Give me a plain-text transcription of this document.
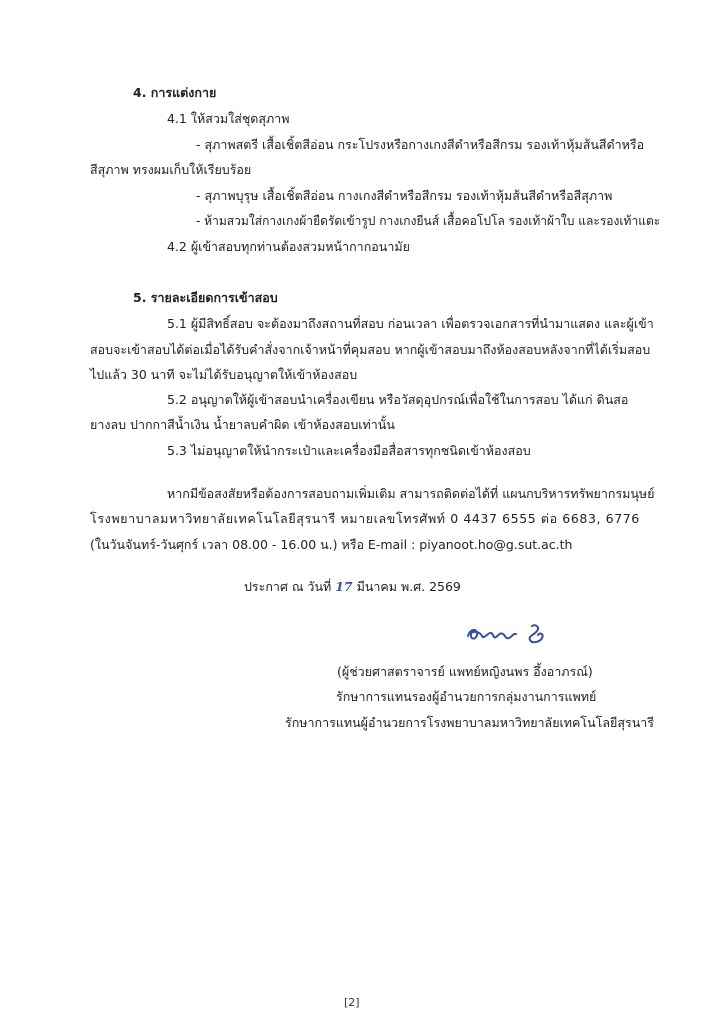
4. การแต่งกาย
4.1 ให้สวมใส่ชุดสุภาพ
- สุภาพสตรี เสื้อเชิ้ตสีอ่อน กระโปรงหรือกางเกงสีดำหรือสีกรม รองเท้าหุ้มส้นสีดำหรือ
สีสุภาพ ทรงผมเก็บให้เรียบร้อย
- สุภาพบุรุษ เสื้อเชิ้ตสีอ่อน กางเกงสีดำหรือสีกรม รองเท้าหุ้มส้นสีดำหรือสีสุภาพ
- ห้ามสวมใส่กางเกงผ้ายืดรัดเข้ารูป กางเกงยีนส์ เสื้อคอโปโล รองเท้าผ้าใบ และรองเท้าแตะ
4.2 ผู้เข้าสอบทุกท่านต้องสวมหน้ากากอนามัย
5. รายละเอียดการเข้าสอบ
5.1 ผู้มีสิทธิ์สอบ จะต้องมาถึงสถานที่สอบ ก่อนเวลา เพื่อตรวจเอกสารที่นำมาแสดง และผู้เข้า
สอบจะเข้าสอบได้ต่อเมื่อได้รับคำสั่งจากเจ้าหน้าที่คุมสอบ หากผู้เข้าสอบมาถึงห้องสอบหลังจากที่ได้เริ่มสอบ
ไปแล้ว 30 นาที จะไม่ได้รับอนุญาตให้เข้าห้องสอบ
5.2 อนุญาตให้ผู้เข้าสอบนำเครื่องเขียน หรือวัสดุอุปกรณ์เพื่อใช้ในการสอบ ได้แก่ ดินสอ
ยางลบ ปากกาสีน้ำเงิน น้ำยาลบคำผิด เข้าห้องสอบเท่านั้น
5.3 ไม่อนุญาตให้นำกระเป๋าและเครื่องมือสื่อสารทุกชนิดเข้าห้องสอบ
หากมีข้อสงสัยหรือต้องการสอบถามเพิ่มเติม สามารถติดต่อได้ที่ แผนกบริหารทรัพยากรมนุษย์
โรงพยาบาลมหาวิทยาลัยเทคโนโลยีสุรนารี หมายเลขโทรศัพท์ 0 4437 6555 ต่อ 6683, 6776
(ในวันจันทร์-วันศุกร์ เวลา 08.00 - 16.00 น.) หรือ E-mail : piyanoot.ho@g.sut.ac.th
ประกาศ ณ วันที่ 17 มีนาคม พ.ศ. 2569
(ผู้ช่วยศาสตราจารย์ แพทย์หญิงนพร อึ้งอาภรณ์)
รักษาการแทนรองผู้อำนวยการกลุ่มงานการแพทย์
รักษาการแทนผู้อำนวยการโรงพยาบาลมหาวิทยาลัยเทคโนโลยีสุรนารี
[2]
